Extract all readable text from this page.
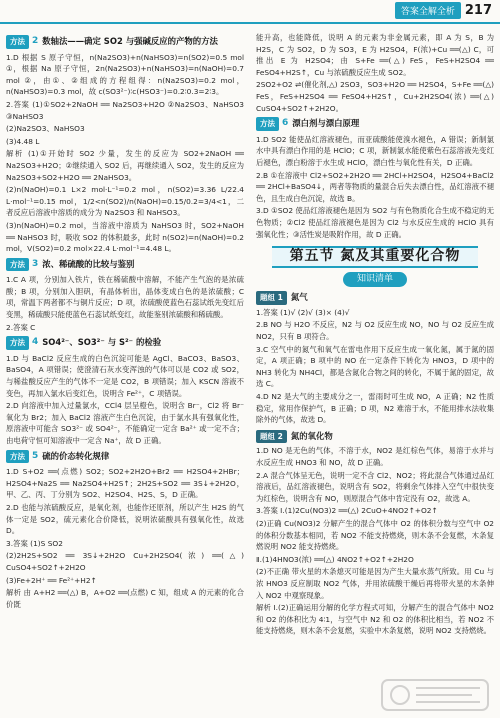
答案全解全析 217
方法 2 数轴法——确定 SO2 与强碱反应的产物的方法

1.D 根据 S 原子守恒，n(Na2SO3)+n(NaHSO3)=n(SO2)=0.5 mol ①，根据 Na 原子守恒，2n(Na2SO3)+n(NaHSO3)=n(NaOH)=0.7 mol ②，由①、②组成的方程组得：n(Na2SO3)=0.2 mol，n(NaHSO3)=0.3 mol，故 c(SO3²⁻)∶c(HSO3⁻)=0.2∶0.3=2∶3。

2.答案 (1)①SO2+2NaOH ══ Na2SO3+H2O ②Na2SO3、NaHSO3 ③NaHSO3

(2)Na2SO3、NaHSO3

(3)4.48 L

解析 (1)①开始时 SO2 少量，发生的反应为 SO2+2NaOH ══ Na2SO3+H2O；②继续通入 SO2 后，再继续通入 SO2，发生的反应为 Na2SO3+SO2+H2O ══ 2NaHSO3。

(2)n(NaOH)=0.1 L×2 mol·L⁻¹=0.2 mol，n(SO2)=3.36 L/22.4 L·mol⁻¹=0.15 mol，1/2<n(SO2)/n(NaOH)=0.15/0.2=3/4<1，二者反应后溶液中溶质的成分为 Na2SO3 和 NaHSO3。

(3)n(NaOH)=0.2 mol，当溶液中溶质为 NaHSO3 时，SO2+NaOH ══ NaHSO3 时，吸收 SO2 的体积最多，此时 n(SO2)=n(NaOH)=0.2 mol，V(SO2)=0.2 mol×22.4 L·mol⁻¹=4.48 L。

方法 3 浓、稀硫酸的比较与鉴别

1.C A 项，分别加入铁片，铁在稀硫酸中溶解，不能产生气泡的是浓硫酸；B 项，分别加入胆矾，有晶体析出，晶体变成白色的是浓硫酸；C 项，常温下两者都不与铜片反应；D 项，浓硫酸使蓝色石蕊试纸先变红后变黑，稀硫酸只能使蓝色石蕊试纸变红，故能鉴别浓硫酸和稀硫酸。

2.答案 C

方法 4 SO4²⁻、SO3²⁻ 与 S²⁻ 的检验

1.D 与 BaCl2 反应生成的白色沉淀可能是 AgCl、BaCO3、BaSO3、BaSO4，A 项错误；使澄清石灰水变浑浊的气体可以是 CO2 或 SO2，与稀盐酸反应产生的气体不一定是 CO2，B 项错误；加入 KSCN 溶液不变色，再加入氯水后变红色，说明含 Fe²⁺，C 项错误。

2.D 向溶液中加入过量氯水，CCl4 层呈橙色，说明含 Br⁻，Cl2 将 Br⁻ 氧化为 Br2；加入 BaCl2 溶液产生白色沉淀，由于氯水具有强氧化性，原溶液中可能含 SO3²⁻ 或 SO4²⁻，不能确定一定含 Ba²⁺ 或一定不含；由电荷守恒可知溶液中一定含 Na⁺，故 D 正确。

方法 5 硫的价态转化规律

1.D S+O2 ══(点燃) SO2；SO2+2H2O+Br2 ══ H2SO4+2HBr；H2SO4+Na2S ══ Na2SO4+H2S↑；2H2S+SO2 ══ 3S↓+2H2O，甲、乙、丙、丁分别为 SO2、H2SO4、H2S、S，D 正确。

2.D 也能与浓硫酸反应，是氧化剂，也能作还原剂，所以产生 H2S 的气体一定是 SO2，硫元素化合价降低，说明浓硫酸具有强氧化性，故选 D。

3.答案 (1)S SO2

(2)2H2S+SO2 ══ 3S↓+2H2O Cu+2H2SO4(浓) ══(△) CuSO4+SO2↑+2H2O

(3)Fe+2H⁺ ══ Fe²⁺+H2↑

解析 由 A+H2 ══(△) B，A+O2 ══(点燃) C 知，组成 A 的元素的化合价既

能升高，也能降低，说明 A 的元素为非金属元素，即 A 为 S，B 为 H2S，C 为 SO2，D 为 SO3，E 为 H2SO4，F(浓)+Cu ══(△) C，可推出 E 为 H2SO4；由 S+Fe ══(△) FeS，FeS+H2SO4 ══ FeSO4+H2S↑，Cu 与浓硫酸反应生成 SO2。

2SO2+O2 ⇌(催化剂,△) 2SO3，SO3+H2O ══ H2SO4，S+Fe ══(△) FeS，FeS+H2SO4 ══ FeSO4+H2S↑，Cu+2H2SO4(浓) ══(△) CuSO4+SO2↑+2H2O。

方法 6 漂白剂与漂白原理

1.D SO2 能使品红溶液褪色，而亚硫酸能使溴水褪色，A 错误；新制氯水中具有漂白作用的是 HClO；C 项，新制氯水能使紫色石蕊溶液先变红后褪色，漂白粉溶于水生成 HClO，漂白性与氧化性有关，D 正确。

2.B ①在溶液中 Cl2+SO2+2H2O ══ 2HCl+H2SO4，H2SO4+BaCl2 ══ 2HCl+BaSO4↓，两者等物质的量混合后失去漂白性，品红溶液不褪色，且生成白色沉淀，故选 B。

3.D ①SO2 使品红溶液褪色是因为 SO2 与有色物质化合生成不稳定的无色物质；②Cl2 使品红溶液褪色是因为 Cl2 与水反应生成的 HClO 具有强氧化性；③活性炭是吸附作用，故 D 正确。

第五节 氮及其重要化合物
知识清单
题组 1 氮气

1.答案 (1)√ (2)√ (3)× (4)√

2.B NO 与 H2O 不反应，N2 与 O2 反应生成 NO，NO 与 O2 反应生成 NO2，只有 B 项符合。

3.C 空气中的氮气和氧气在雷电作用下反应生成一氧化氮，属于氮的固定，A 项正确；B 项中的 NO 在一定条件下转化为 HNO3，D 项中的 NH3 转化为 NH4Cl，都是含氮化合物之间的转化，不属于氮的固定，故选 C。

4.D N2 是大气的主要成分之一，雷雨时可生成 NO，A 正确；N2 性质稳定，常用作保护气，B 正确；D 项，N2 难溶于水，不能用排水法收集除外的气体，故选 D。

题组 2 氮的氧化物

1.D NO 是无色的气体，不溶于水，NO2 是红棕色气体，易溶于水并与水反应生成 HNO3 和 NO，故 D 正确。

2.A 混合气体呈无色，说明一定不含 Cl2、NO2；将此混合气体通过品红溶液后，品红溶液褪色，说明含有 SO2，将剩余气体排入空气中很快变为红棕色，说明含有 NO，则原混合气体中肯定没有 O2，故选 A。

3.答案 Ⅰ.(1)2Cu(NO3)2 ══(△) 2CuO+4NO2↑+O2↑

(2)正确 Cu(NO3)2 分解产生的混合气体中 O2 的体积分数与空气中 O2 的体积分数基本相同，若 NO2 不能支持燃烧，则木条不会复燃，木条复燃说明 NO2 能支持燃烧。

Ⅱ.(1)4HNO3(浓) ══(△) 4NO2↑+O2↑+2H2O

(2)不正确 带火星的木条熄灭可能是因为产生大量水蒸气所致。用 Cu 与浓 HNO3 反应制取 NO2 气体，并用浓硫酸干燥后再将带火星的木条伸入 NO2 中观察现象。

解析 Ⅰ.(2)正确运用分解的化学方程式可知，分解产生的混合气体中 NO2 和 O2 的体积比为 4∶1，与空气中 N2 和 O2 的体积比相当，若 NO2 不能支持燃烧，则木条不会复燃，实验中木条复燃，说明 NO2 支持燃烧。
